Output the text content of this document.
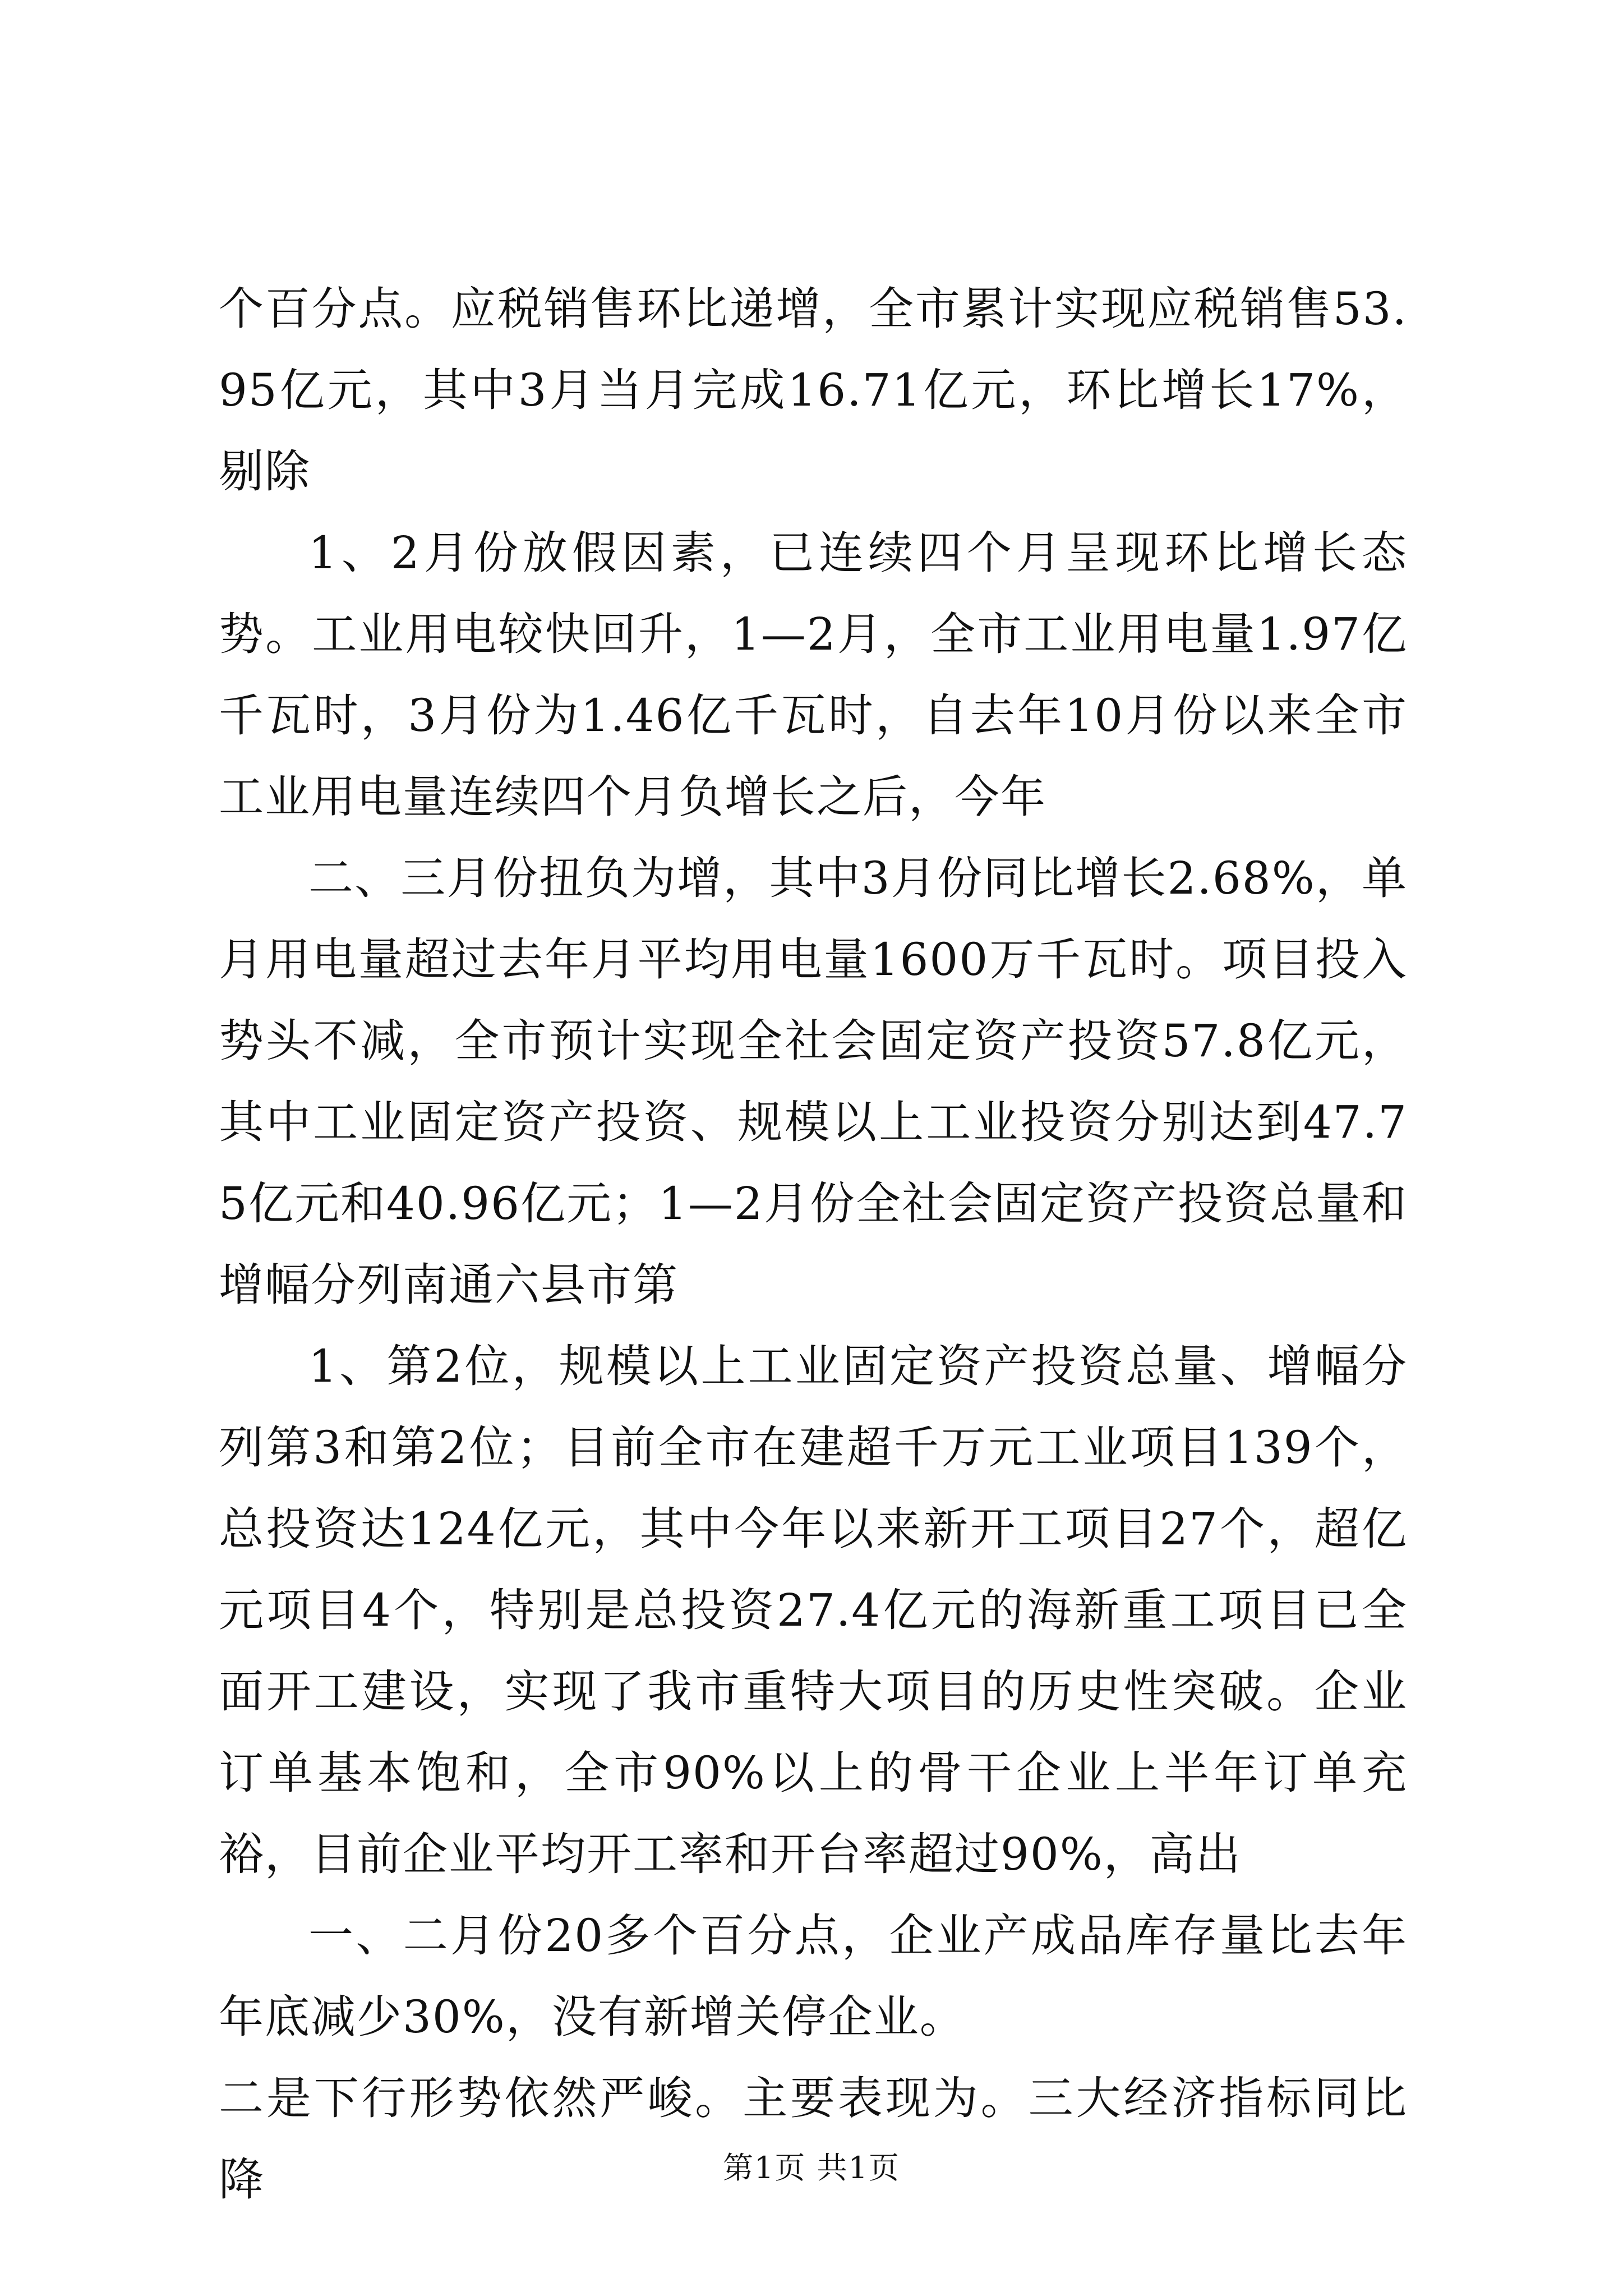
个百分点。应税销售环比递增，全市累计实现应税销售53.95亿元，其中3月当月完成16.71亿元，环比增长17%，剔除

1、2月份放假因素，已连续四个月呈现环比增长态势。工业用电较快回升，1—2月，全市工业用电量1.97亿千瓦时，3月份为1.46亿千瓦时，自去年10月份以来全市工业用电量连续四个月负增长之后，今年

二、三月份扭负为增，其中3月份同比增长2.68%，单月用电量超过去年月平均用电量1600万千瓦时。项目投入势头不减，全市预计实现全社会固定资产投资57.8亿元，其中工业固定资产投资、规模以上工业投资分别达到47.75亿元和40.96亿元；1—2月份全社会固定资产投资总量和增幅分列南通六县市第

1、第2位，规模以上工业固定资产投资总量、增幅分列第3和第2位；目前全市在建超千万元工业项目139个，总投资达124亿元，其中今年以来新开工项目27个，超亿元项目4个，特别是总投资27.4亿元的海新重工项目已全面开工建设，实现了我市重特大项目的历史性突破。企业订单基本饱和，全市90%以上的骨干企业上半年订单充裕，目前企业平均开工率和开台率超过90%，高出

一、二月份20多个百分点，企业产成品库存量比去年年底减少30%，没有新增关停企业。

二是下行形势依然严峻。主要表现为。三大经济指标同比降	第1页 共1页
